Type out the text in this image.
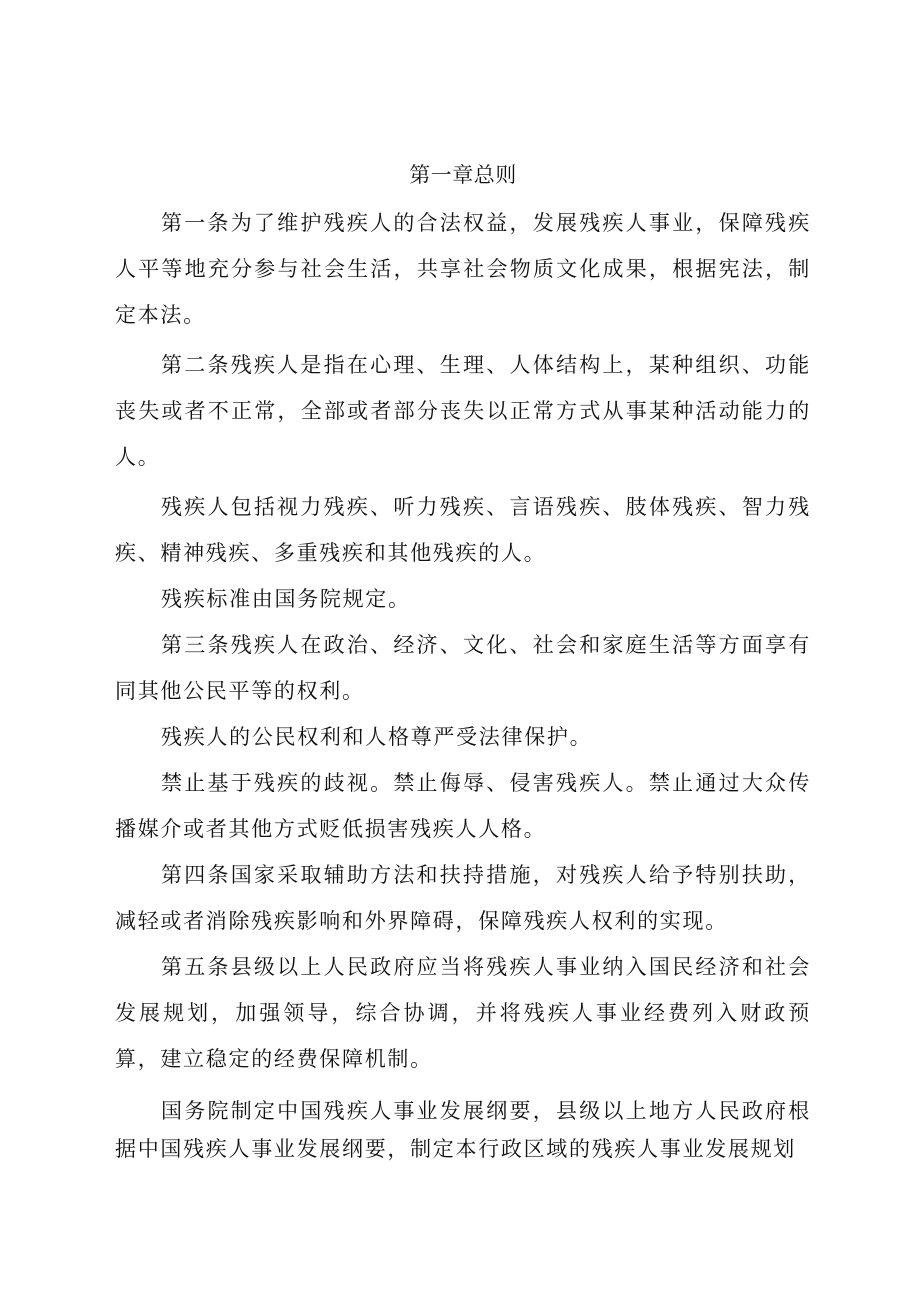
第一章总则

第一条为了维护残疾人的合法权益，发展残疾人事业，保障残疾人平等地充分参与社会生活，共享社会物质文化成果，根据宪法，制定本法。

第二条残疾人是指在心理、生理、人体结构上，某种组织、功能丧失或者不正常，全部或者部分丧失以正常方式从事某种活动能力的人。

残疾人包括视力残疾、听力残疾、言语残疾、肢体残疾、智力残疾、精神残疾、多重残疾和其他残疾的人。

残疾标准由国务院规定。

第三条残疾人在政治、经济、文化、社会和家庭生活等方面享有同其他公民平等的权利。

残疾人的公民权利和人格尊严受法律保护。

禁止基于残疾的歧视。禁止侮辱、侵害残疾人。禁止通过大众传播媒介或者其他方式贬低损害残疾人人格。

第四条国家采取辅助方法和扶持措施，对残疾人给予特别扶助，减轻或者消除残疾影响和外界障碍，保障残疾人权利的实现。

第五条县级以上人民政府应当将残疾人事业纳入国民经济和社会发展规划，加强领导，综合协调，并将残疾人事业经费列入财政预算，建立稳定的经费保障机制。

国务院制定中国残疾人事业发展纲要，县级以上地方人民政府根据中国残疾人事业发展纲要，制定本行政区域的残疾人事业发展规划
